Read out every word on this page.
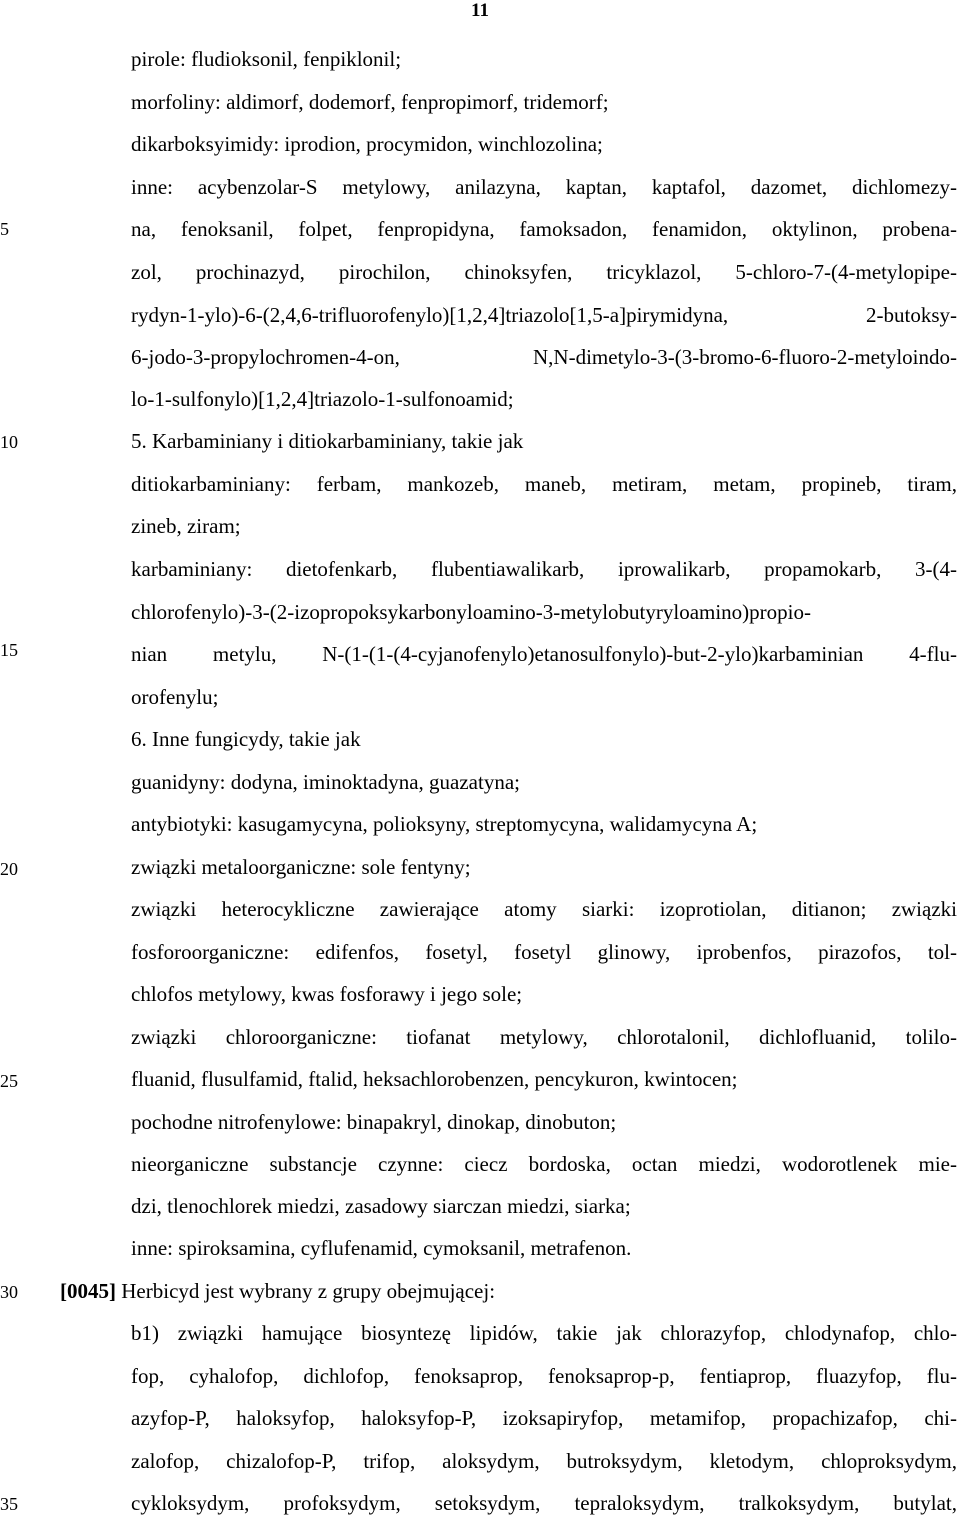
11
5
10
15
20
25
30
35
pirole: fludioksonil, fenpiklonil;
morfoliny: aldimorf, dodemorf, fenpropimorf, tridemorf;
dikarboksyimidy: iprodion, procymidon, winchlozolina;
inne: acybenzolar-S metylowy, anilazyna, kaptan, kaptafol, dazomet, dichlomezy-
na, fenoksanil, folpet, fenpropidyna, famoksadon, fenamidon, oktylinon, probena-
zol, prochinazyd, pirochilon, chinoksyfen, tricyklazol, 5-chloro-7-(4-metylopipe-
rydyn-1-ylo)-6-(2,4,6-trifluorofenylo)[1,2,4]triazolo[1,5-a]pirymidyna, 2-butoksy-
6-jodo-3-propylochromen-4-on, N,N-dimetylo-3-(3-bromo-6-fluoro-2-metyloindo-
lo-1-sulfonylo)[1,2,4]triazolo-1-sulfonoamid;
5. Karbaminiany i ditiokarbaminiany, takie jak
ditiokarbaminiany: ferbam, mankozeb, maneb, metiram, metam, propineb, tiram,
zineb, ziram;
karbaminiany: dietofenkarb, flubentiawalikarb, iprowalikarb, propamokarb, 3-(4-
chlorofenylo)-3-(2-izopropoksykarbonyloamino-3-metylobutyryloamino)propio-
nian metylu, N-(1-(1-(4-cyjanofenylo)etanosulfonylo)-but-2-ylo)karbaminian 4-flu-
orofenylu;
6. Inne fungicydy, takie jak
guanidyny: dodyna, iminoktadyna, guazatyna;
antybiotyki: kasugamycyna, polioksyny, streptomycyna, walidamycyna A;
związki metaloorganiczne: sole fentyny;
związki heterocykliczne zawierające atomy siarki: izoprotiolan, ditianon; związki
fosforoorganiczne: edifenfos, fosetyl, fosetyl glinowy, iprobenfos, pirazofos, tol-
chlofos metylowy, kwas fosforawy i jego sole;
związki chloroorganiczne: tiofanat metylowy, chlorotalonil, dichlofluanid, tolilo-
fluanid, flusulfamid, ftalid, heksachlorobenzen, pencykuron, kwintocen;
pochodne nitrofenylowe: binapakryl, dinokap, dinobuton;
nieorganiczne substancje czynne: ciecz bordoska, octan miedzi, wodorotlenek mie-
dzi, tlenochlorek miedzi, zasadowy siarczan miedzi, siarka;
inne: spiroksamina, cyflufenamid, cymoksanil, metrafenon.
[0045] Herbicyd jest wybrany z grupy obejmującej:
b1) związki hamujące biosyntezę lipidów, takie jak chlorazyfop, chlodynafop, chlo-
fop, cyhalofop, dichlofop, fenoksaprop, fenoksaprop-p, fentiaprop, fluazyfop, flu-
azyfop-P, haloksyfop, haloksyfop-P, izoksapiryfop, metamifop, propachizafop, chi-
zalofop, chizalofop-P, trifop, aloksydym, butroksydym, kletodym, chloproksydym,
cykloksydym, profoksydym, setoksydym, tepraloksydym, tralkoksydym, butylat,
